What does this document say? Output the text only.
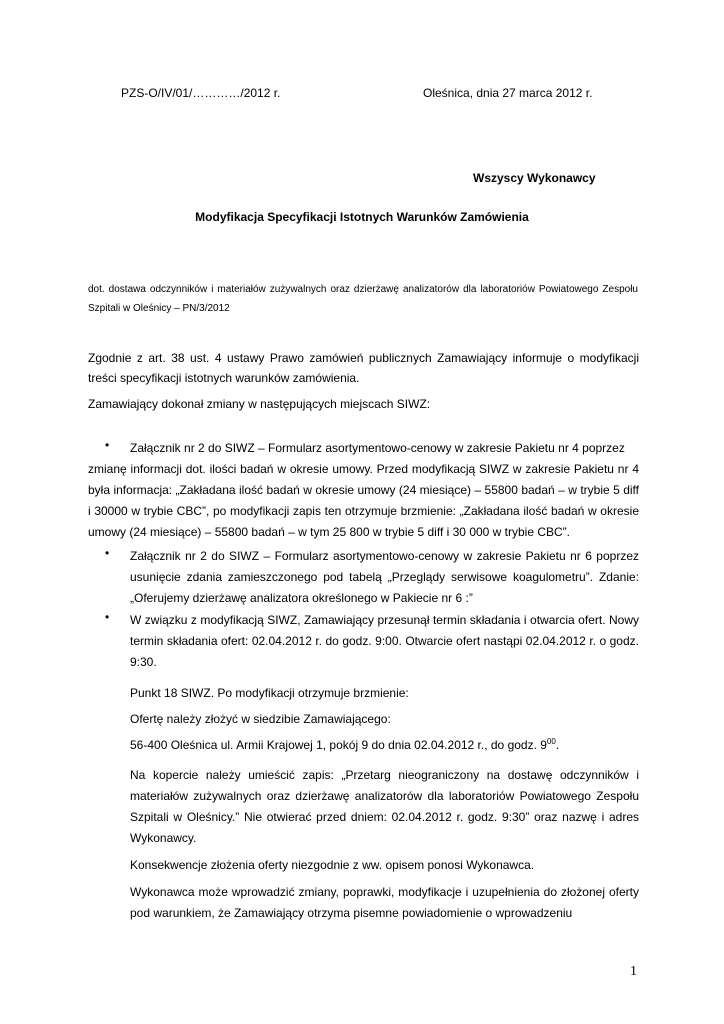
PZS-O/IV/01/…………/2012 r.	Oleśnica, dnia 27 marca 2012 r.
Wszyscy Wykonawcy
Modyfikacja Specyfikacji Istotnych Warunków Zamówienia
dot. dostawa odczynników i materiałów zużywalnych oraz dzierżawę analizatorów dla laboratoriów Powiatowego Zespołu Szpitali w Oleśnicy – PN/3/2012
Zgodnie z art. 38 ust. 4 ustawy Prawo zamówień publicznych Zamawiający informuje o modyfikacji treści specyfikacji istotnych warunków zamówienia.
Zamawiający dokonał zmiany w następujących miejscach SIWZ:
•	Załącznik nr 2 do SIWZ – Formularz asortymentowo-cenowy w zakresie Pakietu nr 4 poprzez
zmianę informacji dot. ilości badań w okresie umowy. Przed modyfikacją SIWZ w zakresie Pakietu nr 4 była informacja: „Zakładana ilość badań w okresie umowy (24 miesiące) – 55800 badań – w trybie 5 diff i 30000 w trybie CBC”, po modyfikacji zapis ten otrzymuje brzmienie: „Zakładana ilość badań w okresie umowy (24 miesiące) – 55800 badań – w tym 25 800 w trybie 5 diff i 30 000 w trybie CBC”.
• Załącznik nr 2 do SIWZ – Formularz asortymentowo-cenowy w zakresie Pakietu nr 6 poprzez usunięcie zdania zamieszczonego pod tabelą „Przeglądy serwisowe koagulometru”. Zdanie: „Oferujemy dzierżawę analizatora określonego w Pakiecie nr 6 :”
• W związku z modyfikacją SIWZ, Zamawiający przesunął termin składania i otwarcia ofert. Nowy termin składania ofert: 02.04.2012 r. do godz. 9:00. Otwarcie ofert nastąpi 02.04.2012 r. o godz. 9:30.
Punkt 18 SIWZ. Po modyfikacji otrzymuje brzmienie:
Ofertę należy złożyć w siedzibie Zamawiającego:
56-400 Oleśnica ul. Armii Krajowej 1, pokój 9 do dnia 02.04.2012 r., do godz. $9^{00}$.
Na kopercie należy umieścić zapis: „Przetarg nieograniczony na dostawę odczynników i materiałów zużywalnych oraz dzierżawę analizatorów dla laboratoriów Powiatowego Zespołu Szpitali w Oleśnicy.” Nie otwierać przed dniem: 02.04.2012 r. godz. 9:30” oraz nazwę i adres Wykonawcy.
Konsekwencje złożenia oferty niezgodnie z ww. opisem ponosi Wykonawca.
Wykonawca może wprowadzić zmiany, poprawki, modyfikacje i uzupełnienia do złożonej oferty pod warunkiem, że Zamawiający otrzyma pisemne powiadomienie o wprowadzeniu
1
